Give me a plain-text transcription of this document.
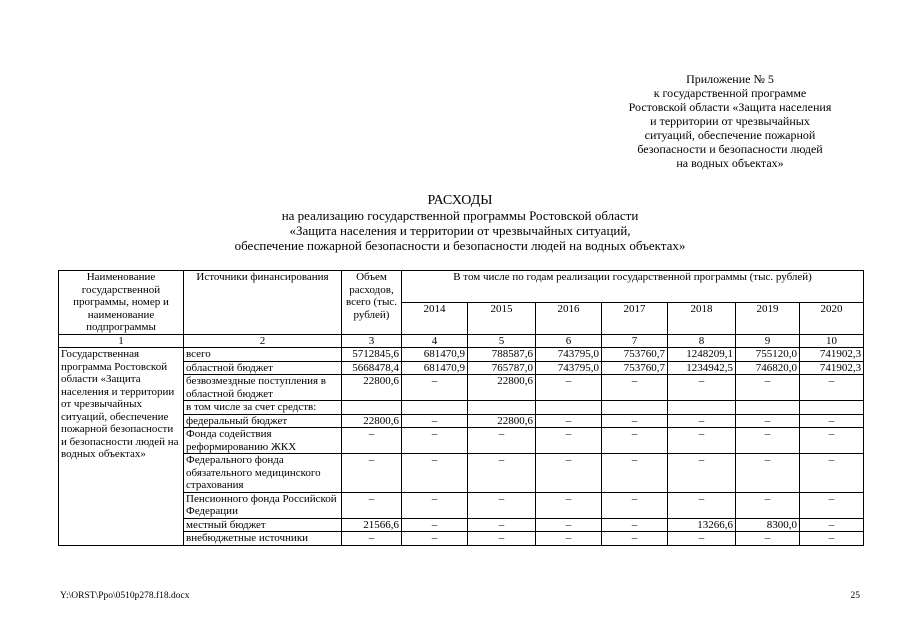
Приложение № 5
к государственной программе
Ростовской области «Защита населения
и территории от чрезвычайных
ситуаций, обеспечение пожарной
безопасности и безопасности людей
на водных объектах»
РАСХОДЫ
на реализацию государственной программы Ростовской области
«Защита населения и территории от чрезвычайных ситуаций,
обеспечение пожарной безопасности и безопасности людей на водных объектах»
Наименование государственной программы, номер и наименование подпрограммы	Источники финансирования	Объем расходов, всего (тыс. рублей)	В том числе по годам реализации государственной программы (тыс. рублей)						
			2014	2015	2016	2017	2018	2019	2020
1	2	3	4	5	6	7	8	9	10
Государственная программа Ростовской области «Защита населения и территории от чрезвычайных ситуаций, обеспечение пожарной безопасности и безопасности людей на водных объектах»	всего	5712845,6	681470,9	788587,6	743795,0	753760,7	1248209,1	755120,0	741902,3
	областной бюджет	5668478,4	681470,9	765787,0	743795,0	753760,7	1234942,5	746820,0	741902,3
	безвозмездные поступления в областной бюджет	22800,6	–	22800,6	–	–	–	–	–
	в том числе за счет средств:								
	федеральный бюджет	22800,6	–	22800,6	–	–	–	–	–
	Фонда содействия реформированию ЖКХ	–	–	–	–	–	–	–	–
	Федерального фонда обязательного медицинского страхования	–	–	–	–	–	–	–	–
	Пенсионного фонда Российской Федерации	–	–	–	–	–	–	–	–
	местный бюджет	21566,6	–	–	–	–	13266,6	8300,0	–
	внебюджетные источники	–	–	–	–	–	–	–	–
Y:\ORST\Ppo\0510p278.f18.docx	25
